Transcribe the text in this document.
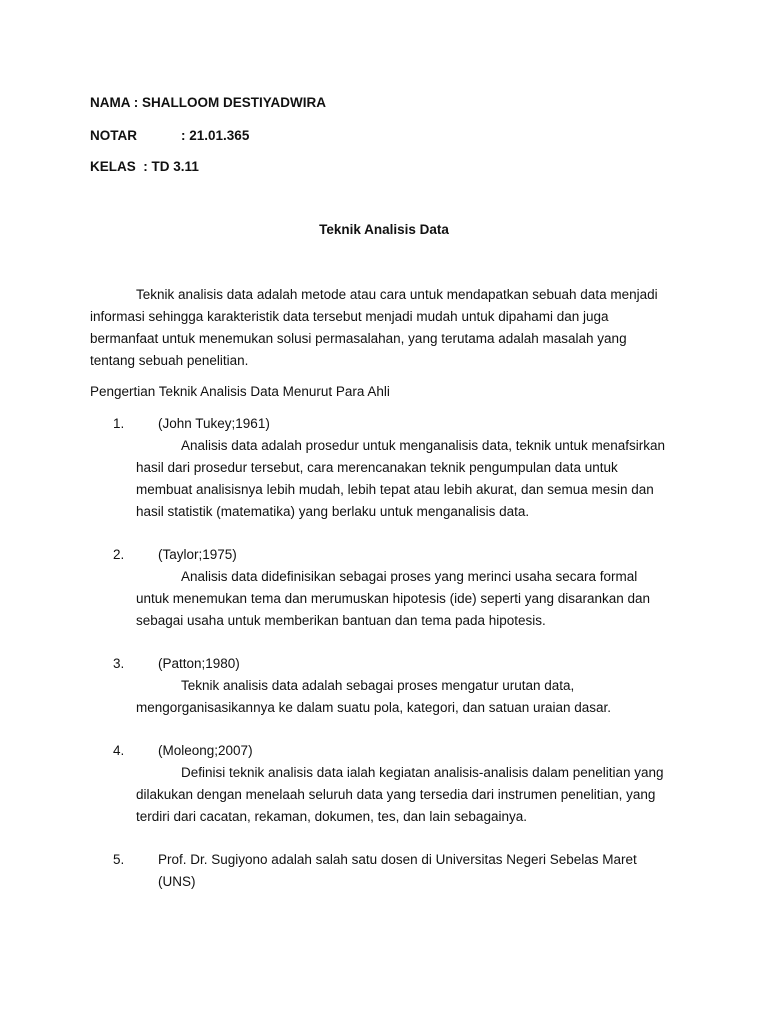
NAMA : SHALLOOM DESTIYADWIRA
NOTAR	: 21.01.365
KELAS : TD 3.11
Teknik Analisis Data
Teknik analisis data adalah metode atau cara untuk mendapatkan sebuah data menjadi
informasi sehingga karakteristik data tersebut menjadi mudah untuk dipahami dan juga
bermanfaat untuk menemukan solusi permasalahan, yang terutama adalah masalah yang
tentang sebuah penelitian.
Pengertian Teknik Analisis Data Menurut Para Ahli
1. (John Tukey;1961)
Analisis data adalah prosedur untuk menganalisis data, teknik untuk menafsirkan
hasil dari prosedur tersebut, cara merencanakan teknik pengumpulan data untuk
membuat analisisnya lebih mudah, lebih tepat atau lebih akurat, dan semua mesin dan
hasil statistik (matematika) yang berlaku untuk menganalisis data.
2. (Taylor;1975)
Analisis data didefinisikan sebagai proses yang merinci usaha secara formal
untuk menemukan tema dan merumuskan hipotesis (ide) seperti yang disarankan dan
sebagai usaha untuk memberikan bantuan dan tema pada hipotesis.
3. (Patton;1980)
Teknik analisis data adalah sebagai proses mengatur urutan data,
mengorganisasikannya ke dalam suatu pola, kategori, dan satuan uraian dasar.
4. (Moleong;2007)
Definisi teknik analisis data ialah kegiatan analisis-analisis dalam penelitian yang
dilakukan dengan menelaah seluruh data yang tersedia dari instrumen penelitian, yang
terdiri dari cacatan, rekaman, dokumen, tes, dan lain sebagainya.
5. Prof. Dr. Sugiyono adalah salah satu dosen di Universitas Negeri Sebelas Maret
(UNS)
